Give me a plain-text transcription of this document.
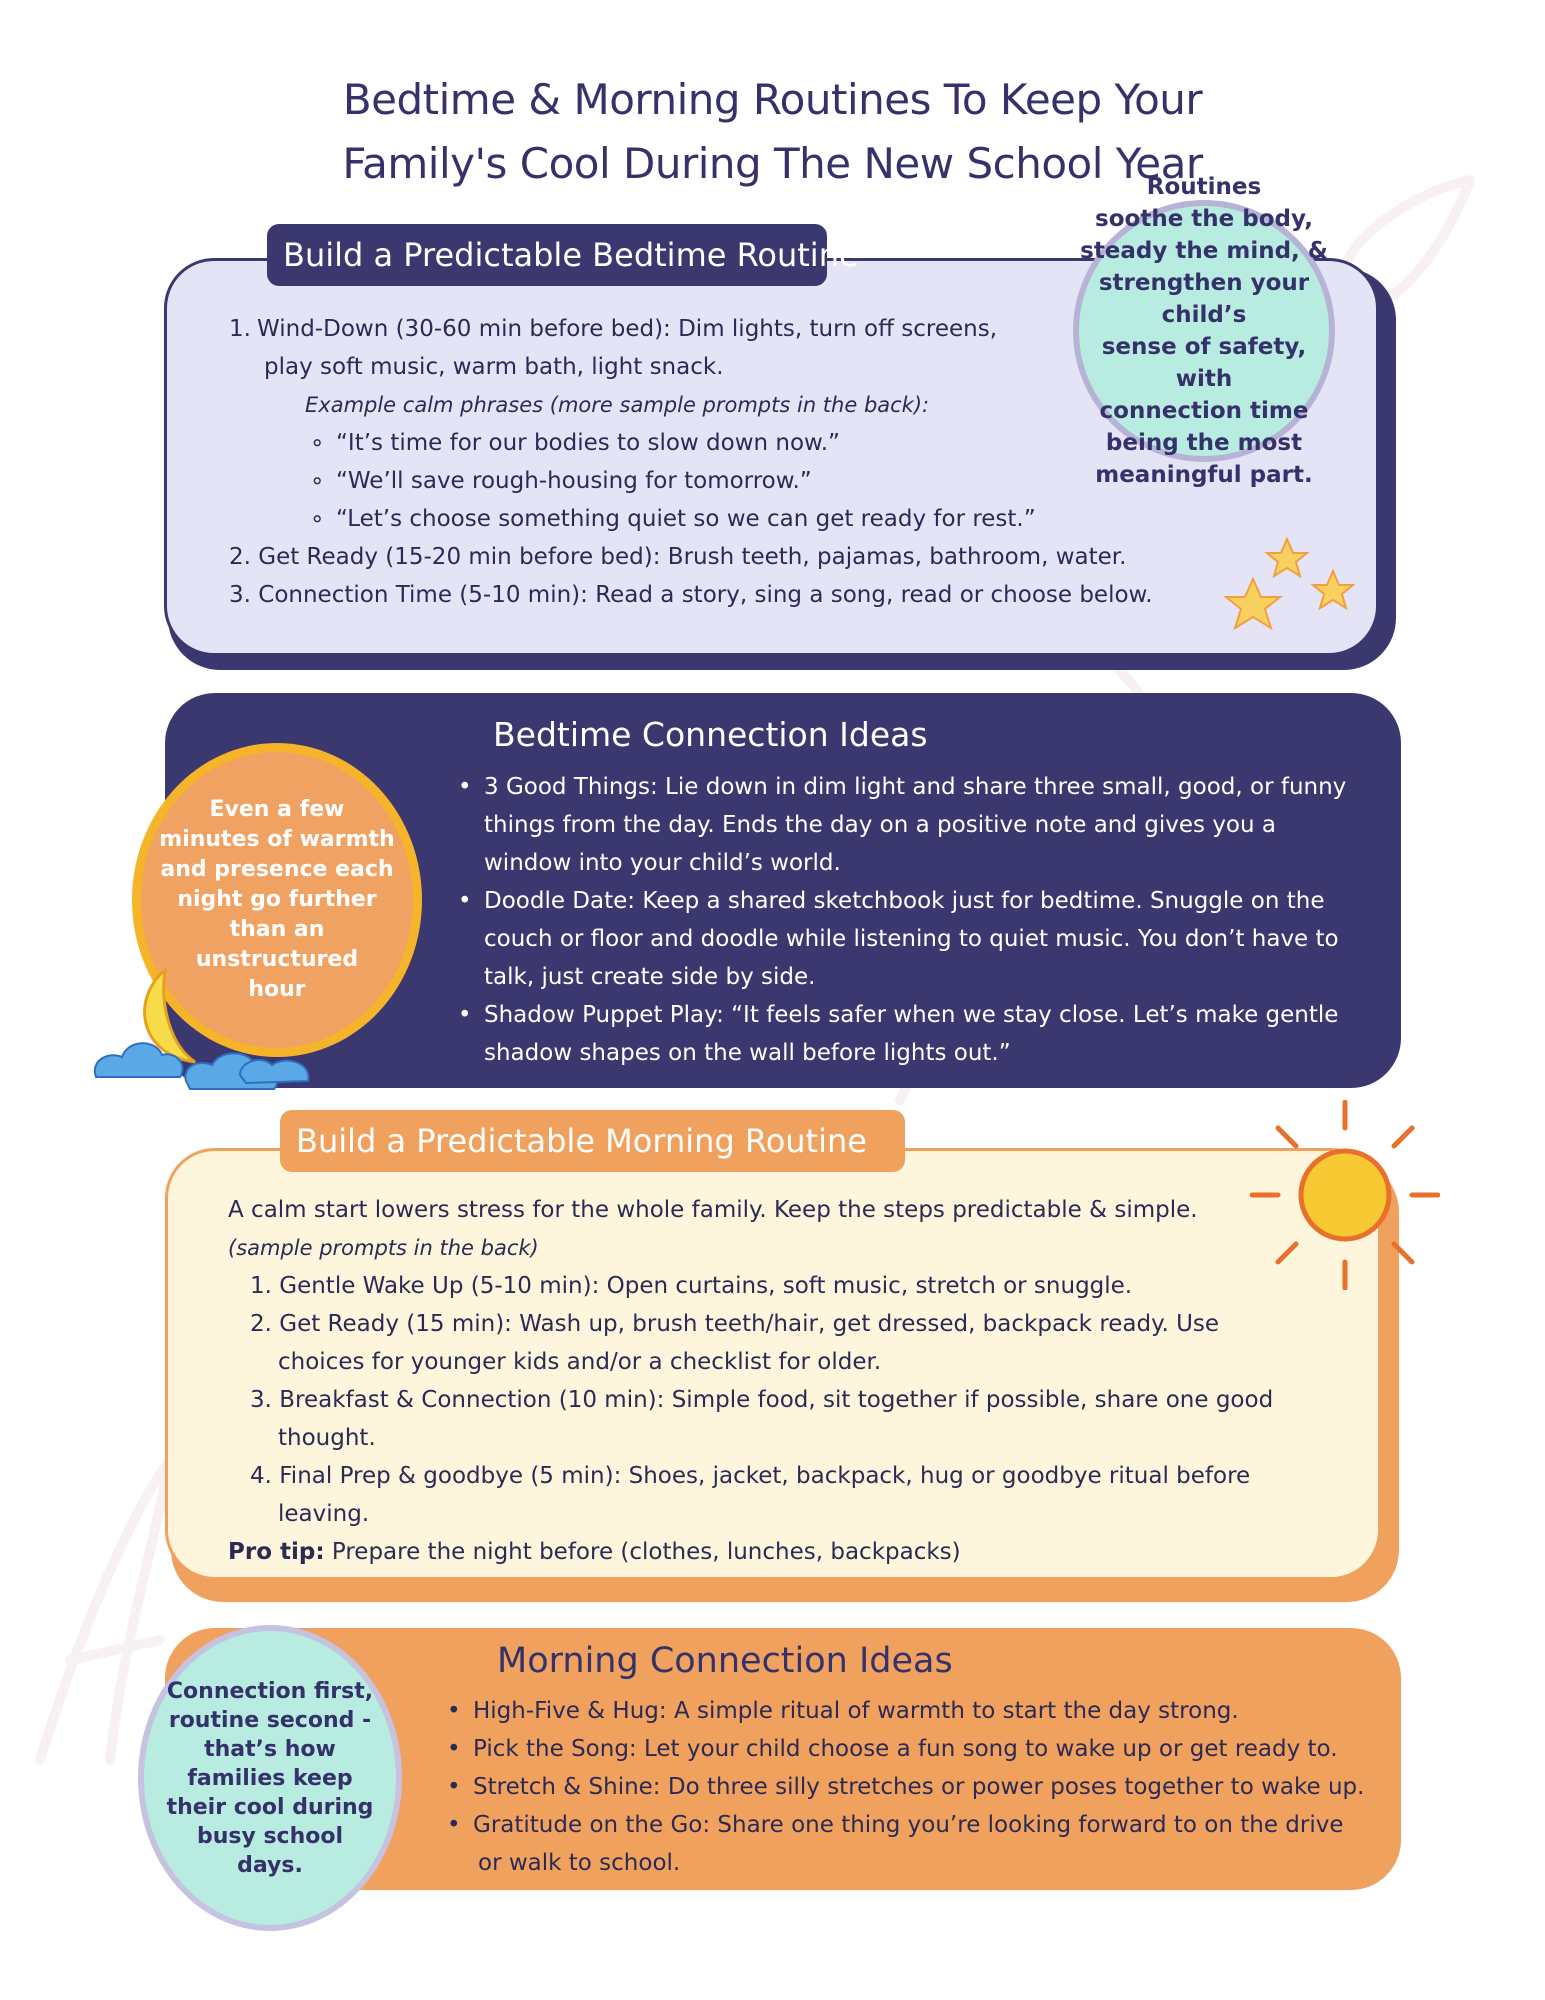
Bedtime & Morning Routines To Keep Your
Family's Cool During The New School Year
Build a Predictable Bedtime Routine
1. Wind-Down (30-60 min before bed): Dim lights, turn off screens,
play soft music, warm bath, light snack.
Example calm phrases (more sample prompts in the back):
∘ “It’s time for our bodies to slow down now.”
∘ “We’ll save rough-housing for tomorrow.”
∘ “Let’s choose something quiet so we can get ready for rest.”
2. Get Ready (15-20 min before bed): Brush teeth, pajamas, bathroom, water.
3. Connection Time (5-10 min): Read a story, sing a song, read or choose below.
Routines
soothe the body,
steady the mind, &
strengthen your child’s
sense of safety, with
connection time
being the most
meaningful part.
Bedtime Connection Ideas
• 3 Good Things: Lie down in dim light and share three small, good, or funny
things from the day. Ends the day on a positive note and gives you a
window into your child’s world.
• Doodle Date: Keep a shared sketchbook just for bedtime. Snuggle on the
couch or floor and doodle while listening to quiet music. You don’t have to
talk, just create side by side.
• Shadow Puppet Play: “It feels safer when we stay close. Let’s make gentle
shadow shapes on the wall before lights out.”
Even a few
minutes of warmth
and presence each
night go further
than an
unstructured
hour
Build a Predictable Morning Routine
A calm start lowers stress for the whole family. Keep the steps predictable & simple.
(sample prompts in the back)
1. Gentle Wake Up (5-10 min): Open curtains, soft music, stretch or snuggle.
2. Get Ready (15 min): Wash up, brush teeth/hair, get dressed, backpack ready. Use
choices for younger kids and/or a checklist for older.
3. Breakfast & Connection (10 min): Simple food, sit together if possible, share one good
thought.
4. Final Prep & goodbye (5 min): Shoes, jacket, backpack, hug or goodbye ritual before
leaving.
Pro tip: Prepare the night before (clothes, lunches, backpacks)
Morning Connection Ideas
• High-Five & Hug: A simple ritual of warmth to start the day strong.
• Pick the Song: Let your child choose a fun song to wake up or get ready to.
• Stretch & Shine: Do three silly stretches or power poses together to wake up.
• Gratitude on the Go: Share one thing you’re looking forward to on the drive
or walk to school.
Connection first,
routine second -
that’s how
families keep
their cool during
busy school
days.
